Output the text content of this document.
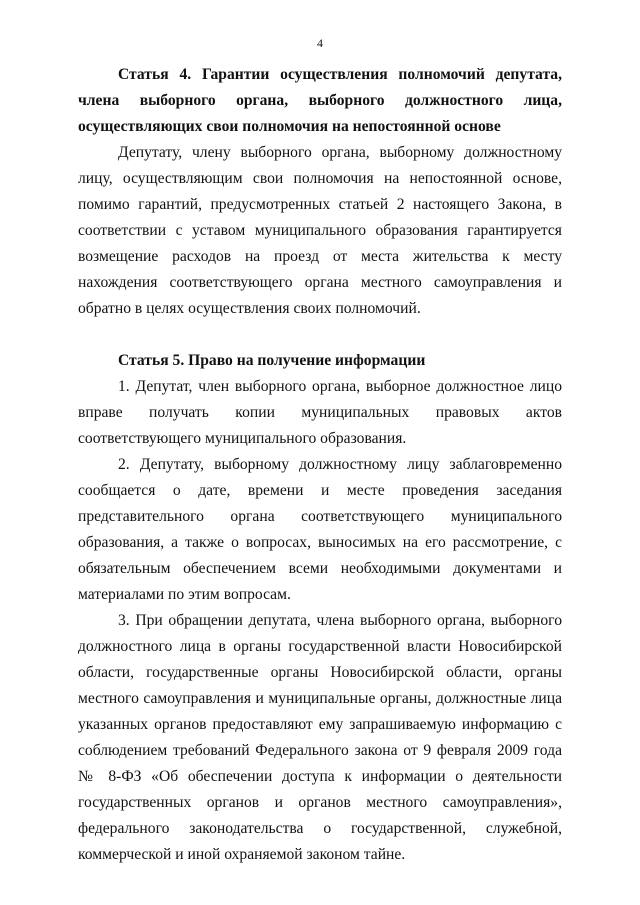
4

Статья 4. Гарантии осуществления полномочий депутата, члена выборного органа, выборного должностного лица, осуществляющих свои полномочия на непостоянной основе

Депутату, члену выборного органа, выборному должностному лицу, осуществляющим свои полномочия на непостоянной основе, помимо гарантий, предусмотренных статьей 2 настоящего Закона, в соответствии с уставом муниципального образования гарантируется возмещение расходов на проезд от места жительства к месту нахождения соответствующего органа местного самоуправления и обратно в целях осуществления своих полномочий.

Статья 5. Право на получение информации

1. Депутат, член выборного органа, выборное должностное лицо вправе получать копии муниципальных правовых актов соответствующего муниципального образования.

2. Депутату, выборному должностному лицу заблаговременно сообщается о дате, времени и месте проведения заседания представительного органа соответствующего муниципального образования, а также о вопросах, выносимых на его рассмотрение, с обязательным обеспечением всеми необходимыми документами и материалами по этим вопросам.

3. При обращении депутата, члена выборного органа, выборного должностного лица в органы государственной власти Новосибирской области, государственные органы Новосибирской области, органы местного самоуправления и муниципальные органы, должностные лица указанных органов предоставляют ему запрашиваемую информацию с соблюдением требований Федерального закона от 9 февраля 2009 года № 8-ФЗ «Об обеспечении доступа к информации о деятельности государственных органов и органов местного самоуправления», федерального законодательства о государственной, служебной, коммерческой и иной охраняемой законом тайне.
